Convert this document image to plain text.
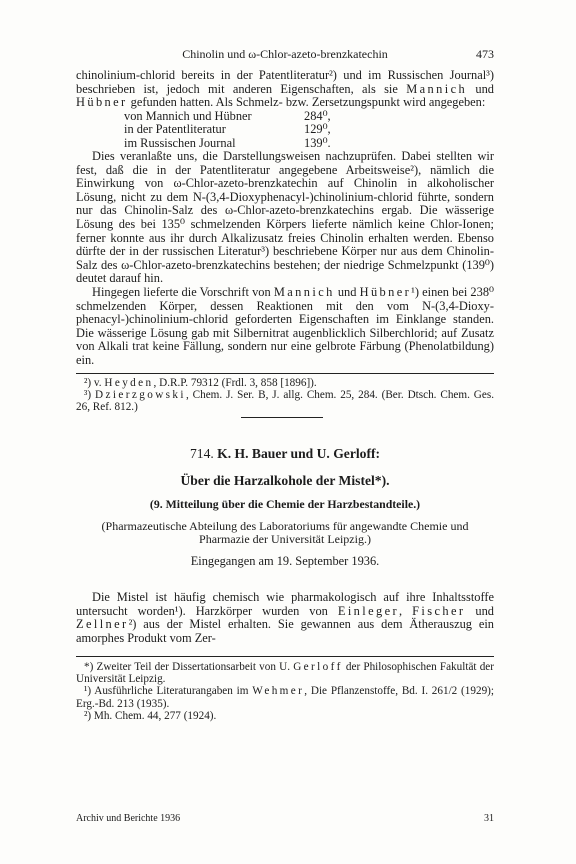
Chinolin und ω-Chlor-azeto-brenzkatechin	473

chinolinium-chlorid bereits in der Patentliteratur²) und im Russischen Journal³) beschrieben ist, jedoch mit anderen Eigenschaften, als sie Mannich und Hübner gefunden hatten. Als Schmelz- bzw. Zersetzungspunkt wird angegeben:

von Mannich und Hübner	284⁰,
in der Patentliteratur	129⁰,
im Russischen Journal	139⁰.

Dies veranlaßte uns, die Darstellungsweisen nachzuprüfen. Dabei stellten wir fest, daß die in der Patentliteratur angegebene Arbeitsweise²), nämlich die Einwirkung von ω-Chlor-azeto-brenzkatechin auf Chinolin in alkoholischer Lösung, nicht zu dem N-(3,4-Dioxyphenacyl-)chinolinium-chlorid führte, sondern nur das Chinolin-Salz des ω-Chlor-azeto-brenzkatechins ergab. Die wässerige Lösung des bei 135⁰ schmelzenden Körpers lieferte nämlich keine Chlor-Ionen; ferner konnte aus ihr durch Alkalizusatz freies Chinolin erhalten werden. Ebenso dürfte der in der russischen Literatur³) beschriebene Körper nur aus dem Chinolin-Salz des ω-Chlor-azeto-brenzkatechins bestehen; der niedrige Schmelzpunkt (139⁰) deutet darauf hin.

Hingegen lieferte die Vorschrift von Mannich und Hübner¹) einen bei 238⁰ schmelzenden Körper, dessen Reaktionen mit den vom N-(3,4-Dioxy-phenacyl-)chinolinium-chlorid geforderten Eigenschaften im Einklange standen. Die wässerige Lösung gab mit Silbernitrat augenblicklich Silberchlorid; auf Zusatz von Alkali trat keine Fällung, sondern nur eine gelbrote Färbung (Phenolatbildung) ein.

²) v. Heyden, D.R.P. 79312 (Frdl. 3, 858 [1896]).

³) Dzierzgowski, Chem. J. Ser. B, J. allg. Chem. 25, 284. (Ber. Dtsch. Chem. Ges. 26, Ref. 812.)

714. K. H. Bauer und U. Gerloff:
Über die Harzalkohole der Mistel*).
(9. Mitteilung über die Chemie der Harzbestandteile.)
(Pharmazeutische Abteilung des Laboratoriums für angewandte Chemie und Pharmazie der Universität Leipzig.)
Eingegangen am 19. September 1936.

Die Mistel ist häufig chemisch wie pharmakologisch auf ihre Inhaltsstoffe untersucht worden¹). Harzkörper wurden von Einleger, Fischer und Zellner²) aus der Mistel erhalten. Sie gewannen aus dem Ätherauszug ein amorphes Produkt vom Zer-

*) Zweiter Teil der Dissertationsarbeit von U. Gerloff der Philosophischen Fakultät der Universität Leipzig.

¹) Ausführliche Literaturangaben im Wehmer, Die Pflanzenstoffe, Bd. I. 261/2 (1929); Erg.-Bd. 213 (1935).

²) Mh. Chem. 44, 277 (1924).

Archiv und Berichte 1936	31
